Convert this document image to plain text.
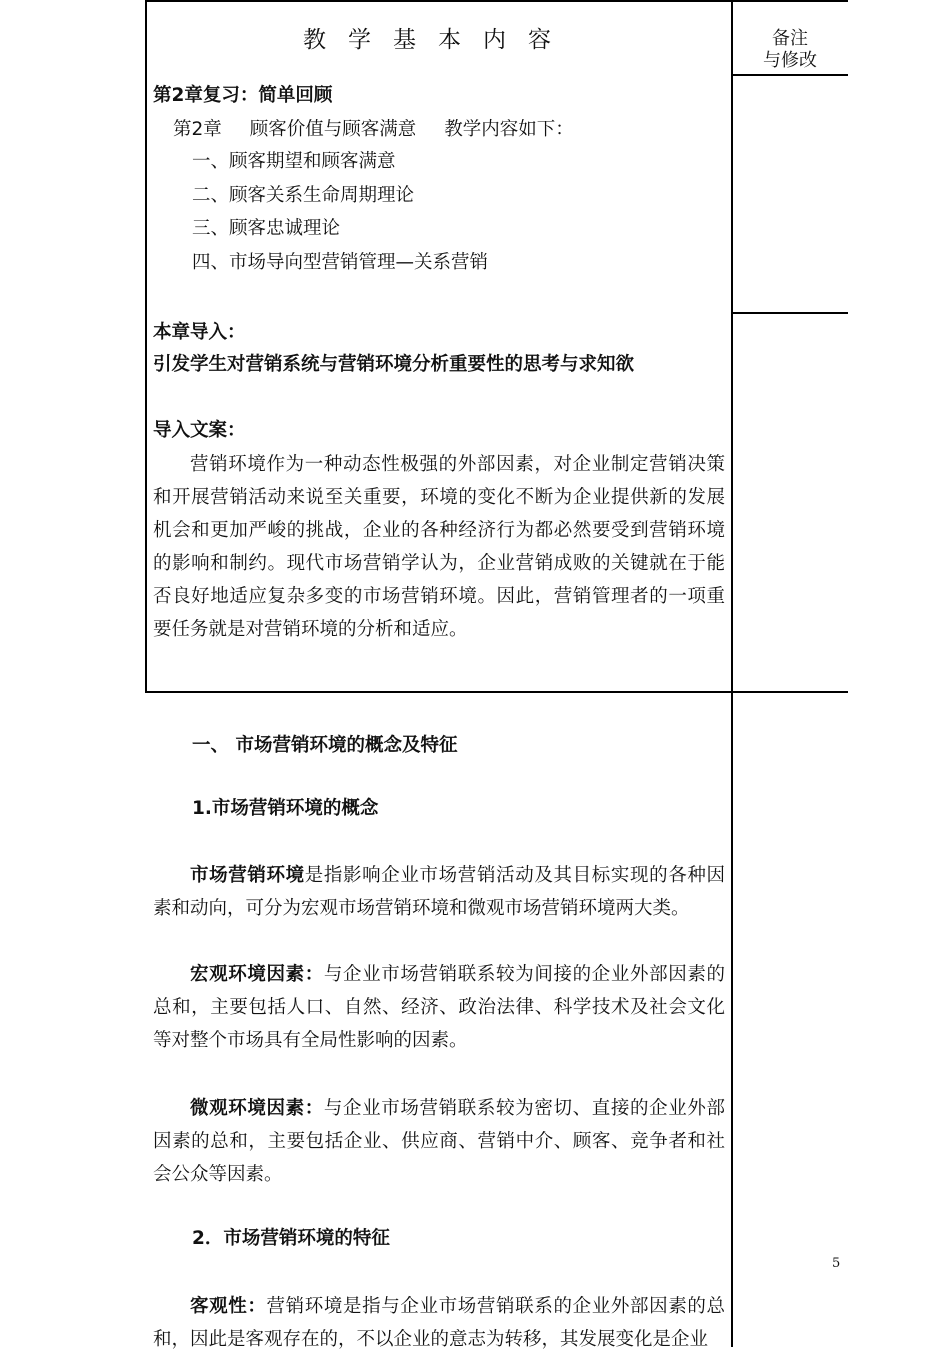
教学基本内容	备注
与修改
第2章复习：简单回顾
第2章 顾客价值与顾客满意 教学内容如下：
一、顾客期望和顾客满意
二、顾客关系生命周期理论
三、顾客忠诚理论
四、市场导向型营销管理—关系营销
本章导入：
引发学生对营销系统与营销环境分析重要性的思考与求知欲
导入文案：
营销环境作为一种动态性极强的外部因素，对企业制定营销决策和开展营销活动来说至关重要，环境的变化不断为企业提供新的发展机会和更加严峻的挑战，企业的各种经济行为都必然要受到营销环境的影响和制约。现代市场营销学认为，企业营销成败的关键就在于能否良好地适应复杂多变的市场营销环境。因此，营销管理者的一项重要任务就是对营销环境的分析和适应。
一、 市场营销环境的概念及特征
1.市场营销环境的概念
市场营销环境是指影响企业市场营销活动及其目标实现的各种因素和动向，可分为宏观市场营销环境和微观市场营销环境两大类。
宏观环境因素：与企业市场营销联系较为间接的企业外部因素的总和，主要包括人口、自然、经济、政治法律、科学技术及社会文化等对整个市场具有全局性影响的因素。
微观环境因素：与企业市场营销联系较为密切、直接的企业外部因素的总和，主要包括企业、供应商、营销中介、顾客、竞争者和社会公众等因素。
2．市场营销环境的特征
客观性：营销环境是指与企业市场营销联系的企业外部因素的总和，因此是客观存在的，不以企业的意志为转移，其发展变化是企业
5
